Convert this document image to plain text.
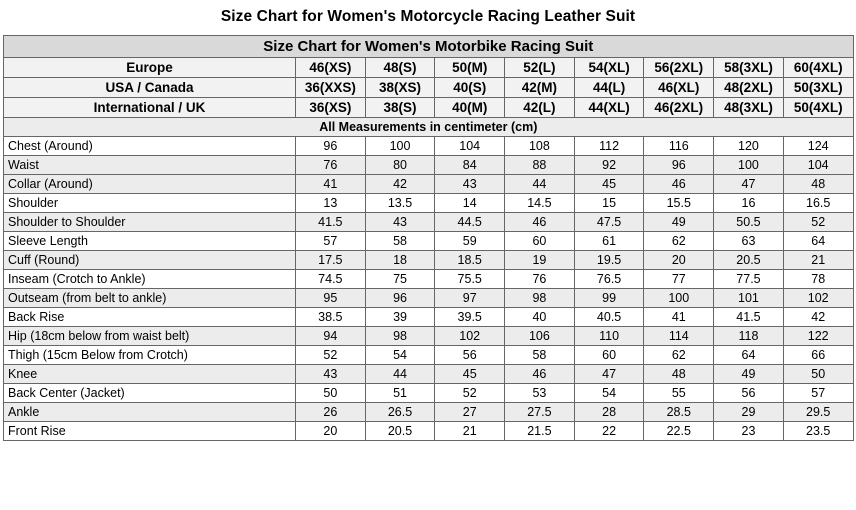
Size Chart for Women's Motorcycle Racing Leather Suit
Size Chart for Women's Motorbike Racing Suit								
Europe	46(XS)	48(S)	50(M)	52(L)	54(XL)	56(2XL)	58(3XL)	60(4XL)
USA / Canada	36(XXS)	38(XS)	40(S)	42(M)	44(L)	46(XL)	48(2XL)	50(3XL)
International / UK	36(XS)	38(S)	40(M)	42(L)	44(XL)	46(2XL)	48(3XL)	50(4XL)
All Measurements in centimeter (cm)								
Chest (Around)	96	100	104	108	112	116	120	124
Waist	76	80	84	88	92	96	100	104
Collar (Around)	41	42	43	44	45	46	47	48
Shoulder	13	13.5	14	14.5	15	15.5	16	16.5
Shoulder to Shoulder	41.5	43	44.5	46	47.5	49	50.5	52
Sleeve Length	57	58	59	60	61	62	63	64
Cuff (Round)	17.5	18	18.5	19	19.5	20	20.5	21
Inseam (Crotch to Ankle)	74.5	75	75.5	76	76.5	77	77.5	78
Outseam (from belt to ankle)	95	96	97	98	99	100	101	102
Back Rise	38.5	39	39.5	40	40.5	41	41.5	42
Hip (18cm below from waist belt)	94	98	102	106	110	114	118	122
Thigh (15cm Below from Crotch)	52	54	56	58	60	62	64	66
Knee	43	44	45	46	47	48	49	50
Back Center (Jacket)	50	51	52	53	54	55	56	57
Ankle	26	26.5	27	27.5	28	28.5	29	29.5
Front Rise	20	20.5	21	21.5	22	22.5	23	23.5
